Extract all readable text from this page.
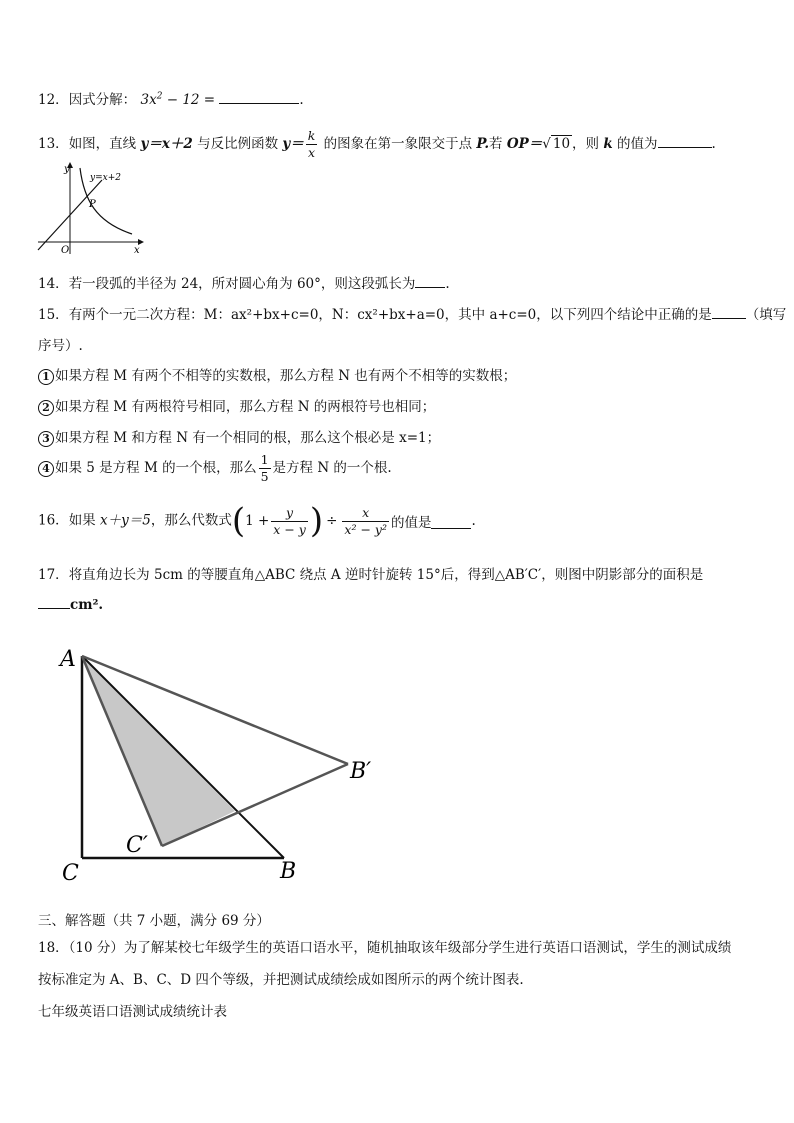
12．因式分解： $3x^2 - 12$ =	.
13．如图，直线 y＝x＋2 与反比例函数 $y= \frac{k}{x}$ 的图象在第一象限交于点 P.若 OP＝√ 10 ，则 k 的值为	.
y
x
O
P
y=x+2
14．若一段弧的半径为 24，所对圆心角为 60°，则这段弧长为 .
15．有两个一元二次方程：M：ax²+bx+c=0，N：cx²+bx+a=0，其中 a+c=0，以下列四个结论中正确的是	（填写
序号）.
1 如果方程 M 有两个不相等的实数根，那么方程 N 也有两个不相等的实数根；
2 如果方程 M 有两根符号相同，那么方程 N 的两根符号也相同；
3 如果方程 M 和方程 N 有一个相同的根，那么这个根必是 x=1；
4 如果 5 是方程 M 的一个根，那么 $\frac{1}{5}$ 是方程 N 的一个根.
16．如果 x＋y＝5，那么代数式($1 + \frac{y}{x - y}$ ) ÷ $\frac{x}{\text{x² − y²}}$ 的值是	.
17．将直角边长为 5cm 的等腰直角△ABC 绕点 A 逆时针旋转 15°后，得到△AB′C′，则图中阴影部分的面积是
cm².
A
C	B
B′
C′
三、解答题（共 7 小题，满分 69 分）
18．（10 分）为了解某校七年级学生的英语口语水平，随机抽取该年级部分学生进行英语口语测试，学生的测试成绩
按标准定为 A、B、C、D 四个等级，并把测试成绩绘成如图所示的两个统计图表.
七年级英语口语测试成绩统计表
